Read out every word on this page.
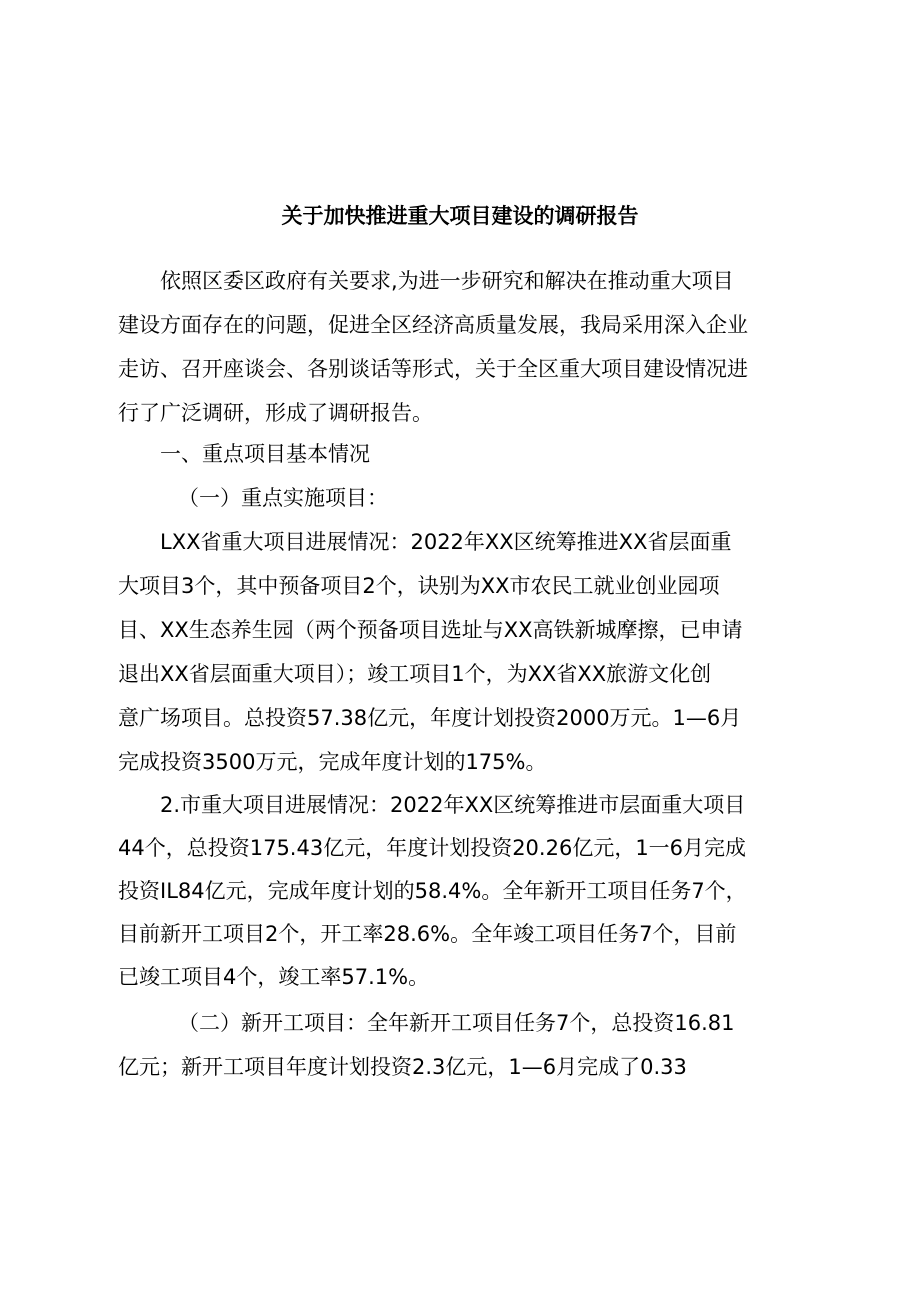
关于加快推进重大项目建设的调研报告
依照区委区政府有关要求,为进一步研究和解决在推动重大项目
建设方面存在的问题，促进全区经济高质量发展，我局采用深入企业
走访、召开座谈会、各别谈话等形式，关于全区重大项目建设情况进
行了广泛调研，形成了调研报告。
一、重点项目基本情况
（一）重点实施项目：
LXX省重大项目进展情况：2022年XX区统筹推进XX省层面重
大项目3个，其中预备项目2个，诀别为XX市农民工就业创业园项
目、XX生态养生园（两个预备项目选址与XX高铁新城摩擦，已申请
退出XX省层面重大项目）；竣工项目1个，为XX省XX旅游文化创
意广场项目。总投资57.38亿元，年度计划投资2000万元。1—6月
完成投资3500万元，完成年度计划的175%。
2.市重大项目进展情况：2022年XX区统筹推进市层面重大项目
44个，总投资175.43亿元，年度计划投资20.26亿元，1一6月完成
投资IL84亿元，完成年度计划的58.4%。全年新开工项目任务7个，
目前新开工项目2个，开工率28.6%。全年竣工项目任务7个，目前
已竣工项目4个，竣工率57.1%。
（二）新开工项目：全年新开工项目任务7个，总投资16.81
亿元；新开工项目年度计划投资2.3亿元，1—6月完成了0.33
